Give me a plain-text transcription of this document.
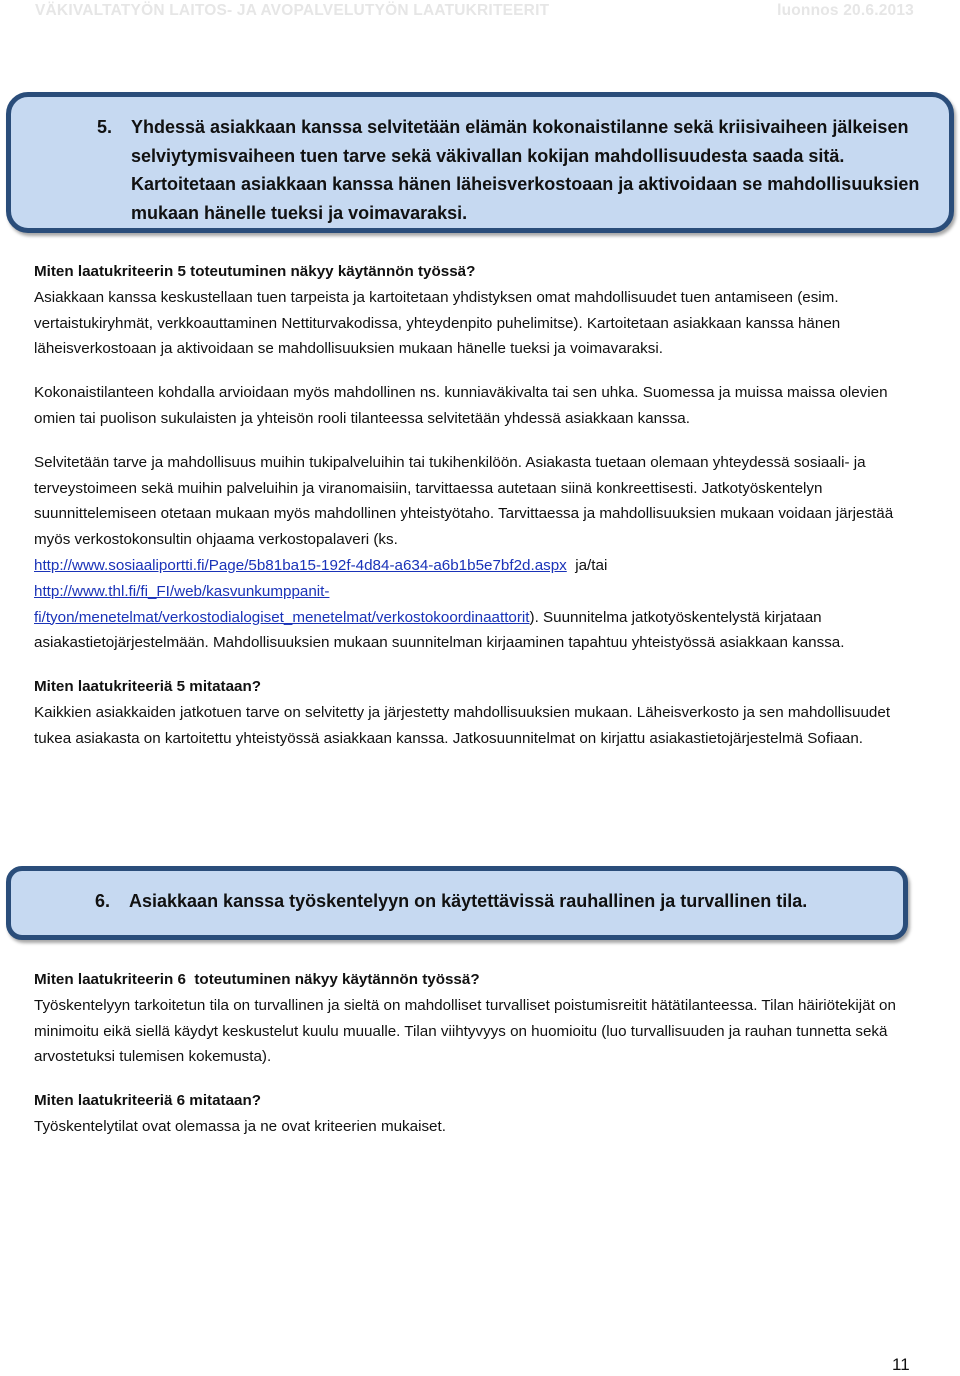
VÄKIVALTATYÖN LAITOS- JA AVOPALVELUTYÖN LAATUKRITEERIT	luonnos 20.6.2013
5. Yhdessä asiakkaan kanssa selvitetään elämän kokonaistilanne sekä kriisivaiheen jälkeisen selviytymisvaiheen tuen tarve sekä väkivallan kokijan mahdollisuudesta saada sitä. Kartoitetaan asiakkaan kanssa hänen läheisverkostoaan ja aktivoidaan se mahdollisuuksien mukaan hänelle tueksi ja voimavaraksi.

Miten laatukriteerin 5 toteutuminen näkyy käytännön työssä?

Asiakkaan kanssa keskustellaan tuen tarpeista ja kartoitetaan yhdistyksen omat mahdollisuudet tuen antamiseen (esim. vertaistukiryhmät, verkkoauttaminen Nettiturvakodissa, yhteydenpito puhelimitse). Kartoitetaan asiakkaan kanssa hänen läheisverkostoaan ja aktivoidaan se mahdollisuuksien mukaan hänelle tueksi ja voimavaraksi.

Kokonaistilanteen kohdalla arvioidaan myös mahdollinen ns. kunniaväkivalta tai sen uhka. Suomessa ja muissa maissa olevien omien tai puolison sukulaisten ja yhteisön rooli tilanteessa selvitetään yhdessä asiakkaan kanssa.

Selvitetään tarve ja mahdollisuus muihin tukipalveluihin tai tukihenkilöön. Asiakasta tuetaan olemaan yhteydessä sosiaali- ja terveystoimeen sekä muihin palveluihin ja viranomaisiin, tarvittaessa autetaan siinä konkreettisesti. Jatkotyöskentelyn suunnittelemiseen otetaan mukaan myös mahdollinen yhteistyötaho. Tarvittaessa ja mahdollisuuksien mukaan voidaan järjestää myös verkostokonsultin ohjaama verkostopalaveri (ks.
http://www.sosiaaliportti.fi/Page/5b81ba15-192f-4d84-a634-a6b1b5e7bf2d.aspx ja/tai
http://www.thl.fi/fi_FI/web/kasvunkumppanit-
fi/tyon/menetelmat/verkostodialogiset_menetelmat/verkostokoordinaattorit). Suunnitelma jatkotyöskentelystä kirjataan asiakastietojärjestelmään. Mahdollisuuksien mukaan suunnitelman kirjaaminen tapahtuu yhteistyössä asiakkaan kanssa.

Miten laatukriteeriä 5 mitataan?

Kaikkien asiakkaiden jatkotuen tarve on selvitetty ja järjestetty mahdollisuuksien mukaan. Läheisverkosto ja sen mahdollisuudet tukea asiakasta on kartoitettu yhteistyössä asiakkaan kanssa. Jatkosuunnitelmat on kirjattu asiakastietojärjestelmä Sofiaan.

6. Asiakkaan kanssa työskentelyyn on käytettävissä rauhallinen ja turvallinen tila.

Miten laatukriteerin 6  toteutuminen näkyy käytännön työssä?

Työskentelyyn tarkoitetun tila on turvallinen ja sieltä on mahdolliset turvalliset poistumisreitit hätätilanteessa. Tilan häiriötekijät on minimoitu eikä siellä käydyt keskustelut kuulu muualle. Tilan viihtyvyys on huomioitu (luo turvallisuuden ja rauhan tunnetta sekä arvostetuksi tulemisen kokemusta).

Miten laatukriteeriä 6 mitataan?

Työskentelytilat ovat olemassa ja ne ovat kriteerien mukaiset.

11
